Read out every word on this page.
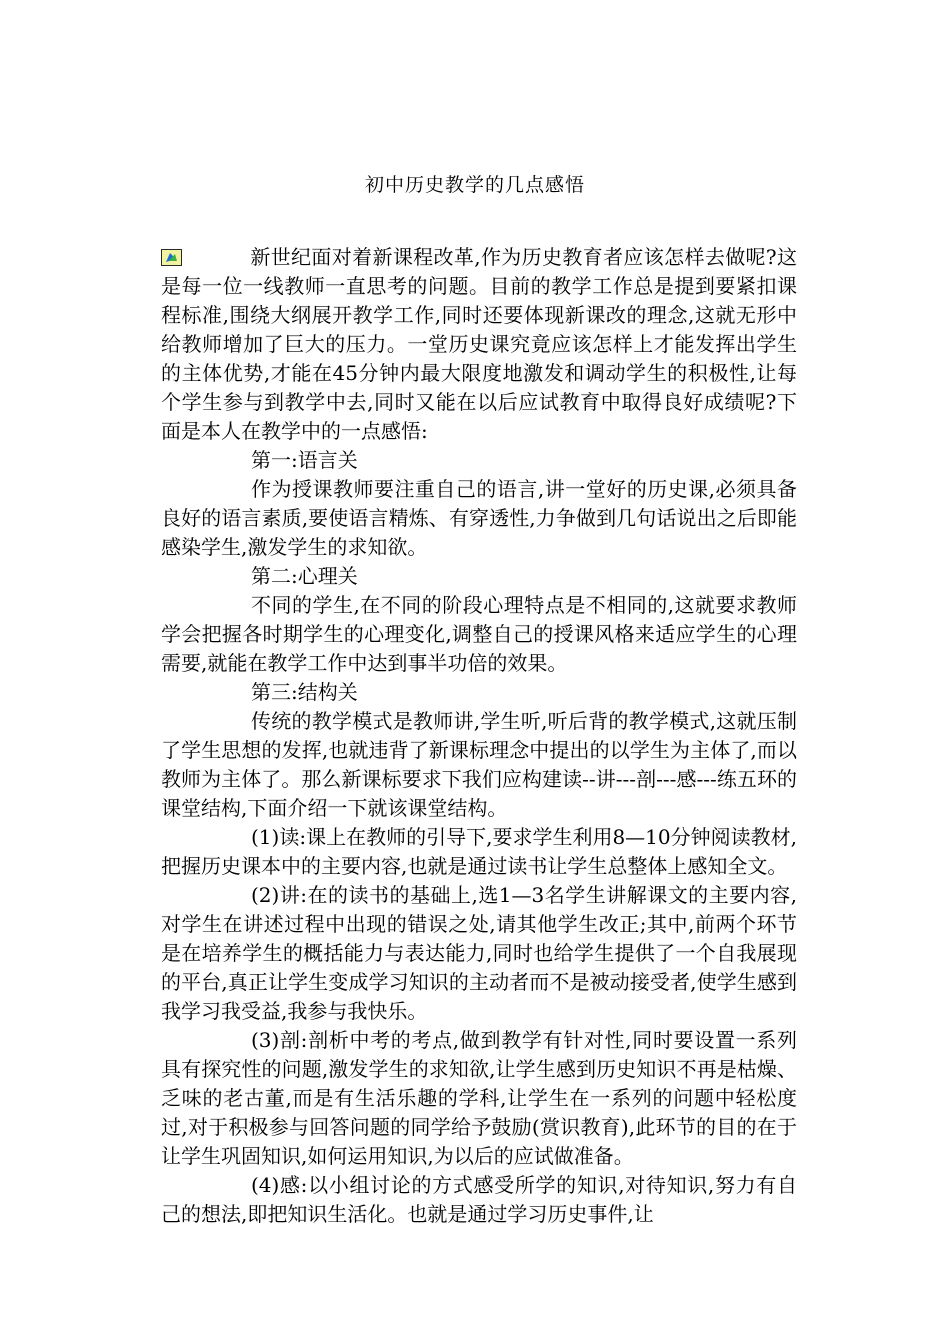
初中历史教学的几点感悟

新世纪面对着新课程改革,作为历史教育者应该怎样去做呢?这是每一位一线教师一直思考的问题。目前的教学工作总是提到要紧扣课程标准,围绕大纲展开教学工作,同时还要体现新课改的理念,这就无形中给教师增加了巨大的压力。一堂历史课究竟应该怎样上才能发挥出学生的主体优势,才能在45分钟内最大限度地激发和调动学生的积极性,让每个学生参与到教学中去,同时又能在以后应试教育中取得良好成绩呢?下面是本人在教学中的一点感悟:

第一:语言关

作为授课教师要注重自己的语言,讲一堂好的历史课,必须具备良好的语言素质,要使语言精炼、有穿透性,力争做到几句话说出之后即能感染学生,激发学生的求知欲。

第二:心理关

不同的学生,在不同的阶段心理特点是不相同的,这就要求教师学会把握各时期学生的心理变化,调整自己的授课风格来适应学生的心理需要,就能在教学工作中达到事半功倍的效果。

第三:结构关

传统的教学模式是教师讲,学生听,听后背的教学模式,这就压制了学生思想的发挥,也就违背了新课标理念中提出的以学生为主体了,而以教师为主体了。那么新课标要求下我们应构建读--讲---剖---感---练五环的课堂结构,下面介绍一下就该课堂结构。

(1)读:课上在教师的引导下,要求学生利用8—10分钟阅读教材,把握历史课本中的主要内容,也就是通过读书让学生总整体上感知全文。

(2)讲:在的读书的基础上,选1—3名学生讲解课文的主要内容,对学生在讲述过程中出现的错误之处,请其他学生改正;其中,前两个环节是在培养学生的概括能力与表达能力,同时也给学生提供了一个自我展现的平台,真正让学生变成学习知识的主动者而不是被动接受者,使学生感到我学习我受益,我参与我快乐。

(3)剖:剖析中考的考点,做到教学有针对性,同时要设置一系列具有探究性的问题,激发学生的求知欲,让学生感到历史知识不再是枯燥、乏味的老古董,而是有生活乐趣的学科,让学生在一系列的问题中轻松度过,对于积极参与回答问题的同学给予鼓励(赏识教育),此环节的目的在于让学生巩固知识,如何运用知识,为以后的应试做准备。

(4)感:以小组讨论的方式感受所学的知识,对待知识,努力有自己的想法,即把知识生活化。也就是通过学习历史事件,让
